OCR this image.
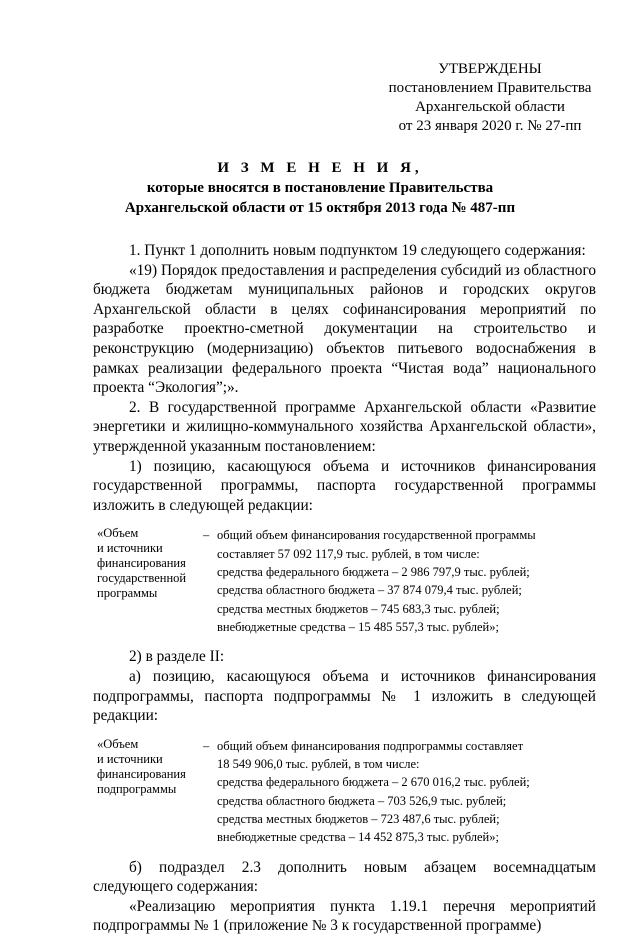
УТВЕРЖДЕНЫ
постановлением Правительства
Архангельской области
от 23 января 2020 г. № 27-пп
И З М Е Н Е Н И Я,
которые вносятся в постановление Правительства
Архангельской области от 15 октября 2013 года № 487-пп

1. Пункт 1 дополнить новым подпунктом 19 следующего содержания:

«19) Порядок предоставления и распределения субсидий из областного бюджета бюджетам муниципальных районов и городских округов Архангельской области в целях софинансирования мероприятий по разработке проектно-сметной документации на строительство и реконструкцию (модернизацию) объектов питьевого водоснабжения в рамках реализации федерального проекта “Чистая вода” национального проекта “Экология”;».

2. В государственной программе Архангельской области «Развитие энергетики и жилищно-коммунального хозяйства Архангельской области», утвержденной указанным постановлением:

1) позицию, касающуюся объема и источников финансирования государственной программы, паспорта государственной программы изложить в следующей редакции:

«Объем
и источники
финансирования
государственной
программы
– общий объем финансирования государственной программы
составляет 57 092 117,9 тыс. рублей, в том числе:
средства федерального бюджета – 2 986 797,9 тыс. рублей;
средства областного бюджета – 37 874 079,4 тыс. рублей;
средства местных бюджетов – 745 683,3 тыс. рублей;
внебюджетные средства – 15 485 557,3 тыс. рублей»;

2) в разделе II:

а) позицию, касающуюся объема и источников финансирования подпрограммы, паспорта подпрограммы № 1 изложить в следующей редакции:

«Объем
и источники
финансирования
подпрограммы
– общий объем финансирования подпрограммы составляет
18 549 906,0 тыс. рублей, в том числе:
средства федерального бюджета – 2 670 016,2 тыс. рублей;
средства областного бюджета – 703 526,9 тыс. рублей;
средства местных бюджетов – 723 487,6 тыс. рублей;
внебюджетные средства – 14 452 875,3 тыс. рублей»;

б) подраздел 2.3 дополнить новым абзацем восемнадцатым следующего содержания:

«Реализацию мероприятия пункта 1.19.1 перечня мероприятий подпрограммы № 1 (приложение № 3 к государственной программе)
